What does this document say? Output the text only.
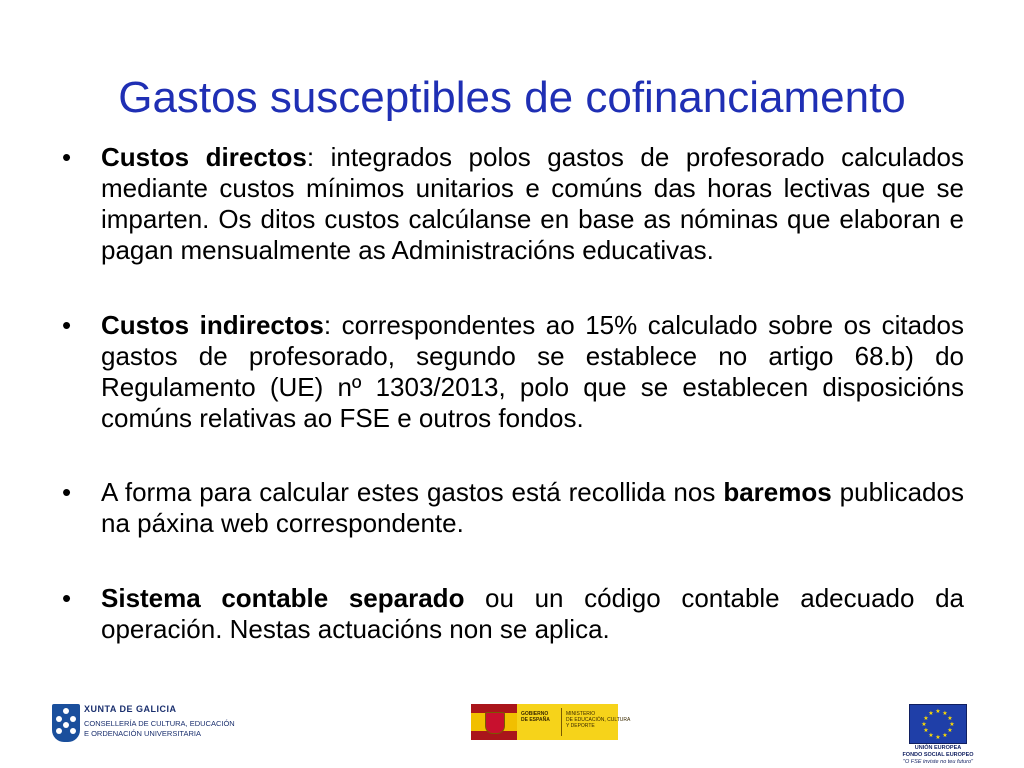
Gastos susceptibles de cofinanciamento
• Custos directos: integrados polos gastos de profesorado calculados mediante custos mínimos unitarios e comúns das horas lectivas que se imparten. Os ditos custos calcúlanse en base as nóminas que elaboran e pagan mensualmente as Administracións educativas.
• Custos indirectos: correspondentes ao 15% calculado sobre os citados gastos de profesorado, segundo se establece no artigo 68.b) do Regulamento (UE) nº 1303/2013, polo que se establecen disposicións comúns relativas ao FSE e outros fondos.
• A forma para calcular estes gastos está recollida nos baremos publicados na páxina web correspondente.
• Sistema contable separado ou un código contable adecuado da operación. Nestas actuacións non se aplica.
XUNTA DE GALICIA
CONSELLERÍA DE CULTURA, EDUCACIÓN
E ORDENACIÓN UNIVERSITARIA
GOBIERNO
DE ESPAÑA
MINISTERIO
DE EDUCACIÓN, CULTURA
Y DEPORTE
★ ★
★
★
★
★
★
★
★
★
★
★
UNIÓN EUROPEA
FONDO SOCIAL EUROPEO
"O FSE inviste no teu futuro"
